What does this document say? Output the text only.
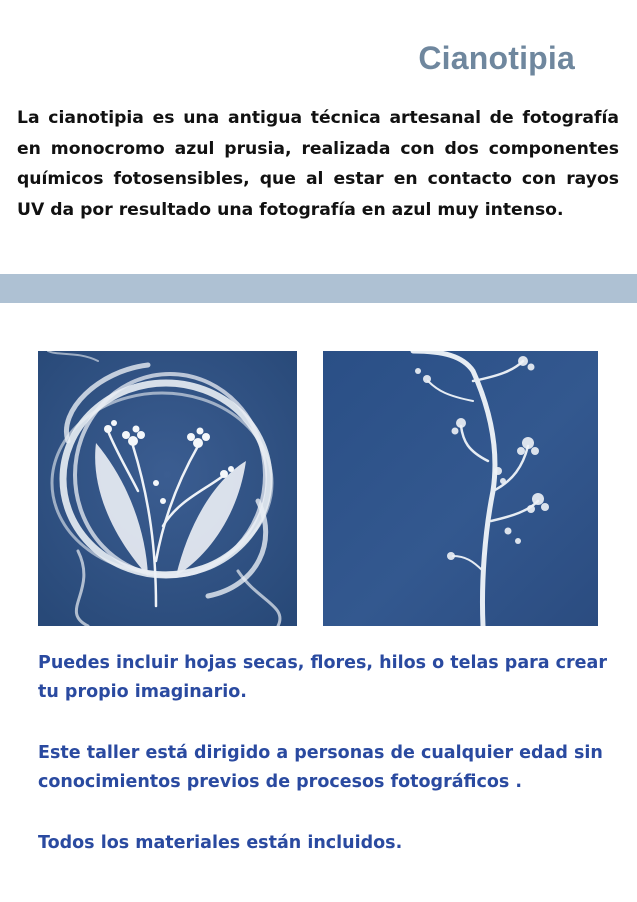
Cianotipia
La cianotipia es una antigua técnica artesanal de fotografía en monocromo azul prusia, realizada con dos componentes químicos fotosensibles, que al estar en contacto con rayos UV da por resultado una fotografía en azul muy intenso.
Puedes incluir hojas secas, flores, hilos o telas para crear tu propio imaginario.
Este taller está dirigido a personas de cualquier edad sin conocimientos previos de procesos fotográficos .
Todos los materiales están incluidos.
